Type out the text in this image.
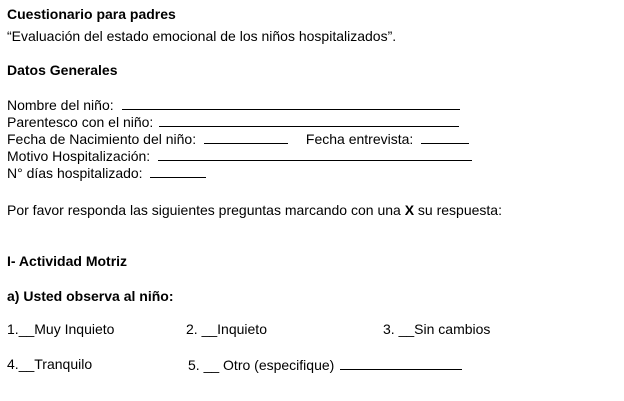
Cuestionario para padres
“Evaluación del estado emocional de los niños hospitalizados”.
Datos Generales
Nombre del niño:
Parentesco con el niño:
Fecha de Nacimiento del niño:	Fecha entrevista:
Motivo Hospitalización:
N° días hospitalizado:
Por favor responda las siguientes preguntas marcando con una X su respuesta:
I- Actividad Motriz
a) Usted observa al niño:
1.__Muy Inquieto	2. __Inquieto	3. __Sin cambios
4.__Tranquilo	5. __ Otro (especifique)
